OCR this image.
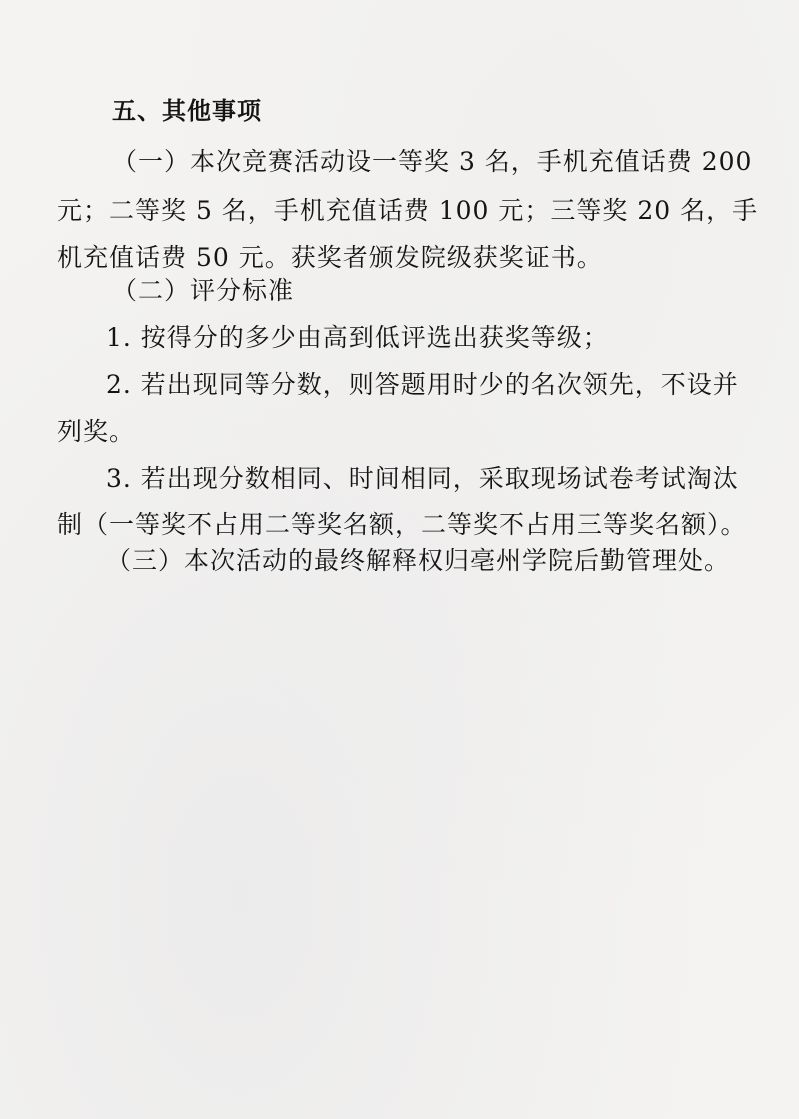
五、其他事项
（一）本次竞赛活动设一等奖 3 名，手机充值话费 200
元；二等奖 5 名，手机充值话费 100 元；三等奖 20 名，手
机充值话费 50 元。获奖者颁发院级获奖证书。
（二）评分标准
1. 按得分的多少由高到低评选出获奖等级；
2. 若出现同等分数，则答题用时少的名次领先，不设并
列奖。
3. 若出现分数相同、时间相同，采取现场试卷考试淘汰
制（一等奖不占用二等奖名额，二等奖不占用三等奖名额）。
（三）本次活动的最终解释权归亳州学院后勤管理处。
